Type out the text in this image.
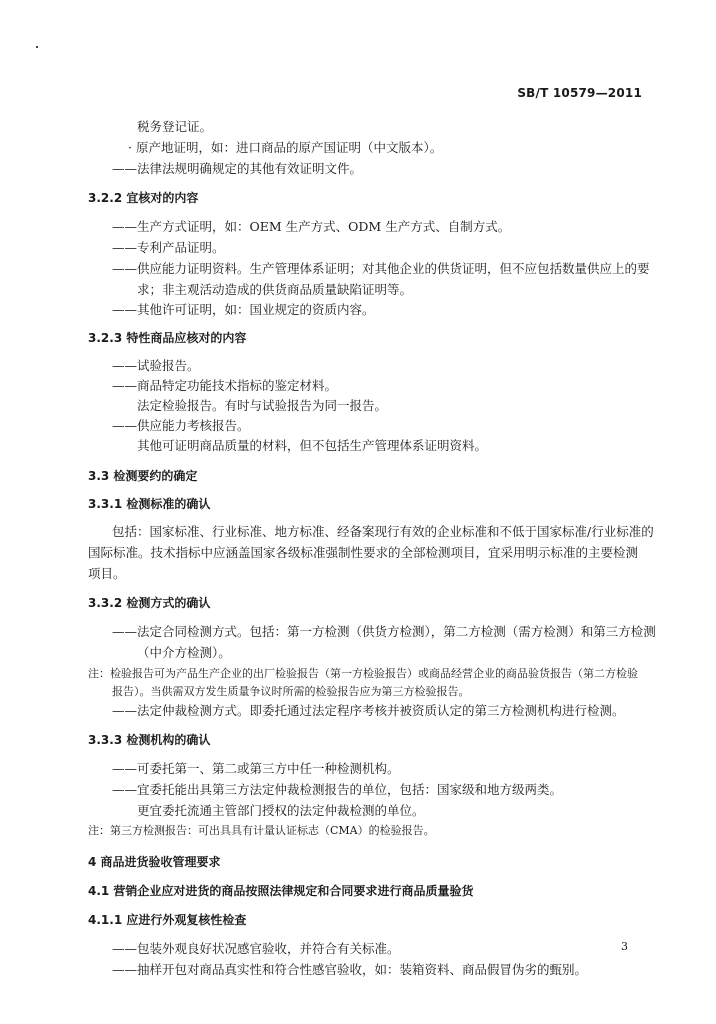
SB/T 10579—2011
税务登记证。
· 原产地证明，如：进口商品的原产国证明（中文版本）。
——法律法规明确规定的其他有效证明文件。
3.2.2 宜核对的内容
——生产方式证明，如：OEM 生产方式、ODM 生产方式、自制方式。
——专利产品证明。
——供应能力证明资料。生产管理体系证明；对其他企业的供货证明，但不应包括数量供应上的要
求；非主观活动造成的供货商品质量缺陷证明等。
——其他许可证明，如：国业规定的资质内容。
3.2.3 特性商品应核对的内容
——试验报告。
——商品特定功能技术指标的鉴定材料。
法定检验报告。有时与试验报告为同一报告。
——供应能力考核报告。
其他可证明商品质量的材料，但不包括生产管理体系证明资料。
3.3 检测要约的确定
3.3.1 检测标准的确认
包括：国家标准、行业标准、地方标准、经备案现行有效的企业标准和不低于国家标准/行业标准的
国际标准。技术指标中应涵盖国家各级标准强制性要求的全部检测项目，宜采用明示标准的主要检测
项目。
3.3.2 检测方式的确认
——法定合同检测方式。包括：第一方检测（供货方检测），第二方检测（需方检测）和第三方检测
（中介方检测）。
注：检验报告可为产品生产企业的出厂检验报告（第一方检验报告）或商品经营企业的商品验货报告（第二方检验
报告）。当供需双方发生质量争议时所需的检验报告应为第三方检验报告。
——法定仲裁检测方式。即委托通过法定程序考核并被资质认定的第三方检测机构进行检测。
3.3.3 检测机构的确认
——可委托第一、第二或第三方中任一种检测机构。
——宜委托能出具第三方法定仲裁检测报告的单位，包括：国家级和地方级两类。
更宜委托流通主管部门授权的法定仲裁检测的单位。
注：第三方检测报告：可出具具有计量认证标志（CMA）的检验报告。
4 商品进货验收管理要求
4.1 营销企业应对进货的商品按照法律规定和合同要求进行商品质量验货
4.1.1 应进行外观复核性检查
——包装外观良好状况感官验收，并符合有关标准。
——抽样开包对商品真实性和符合性感官验收，如：装箱资料、商品假冒伪劣的甄别。
3
